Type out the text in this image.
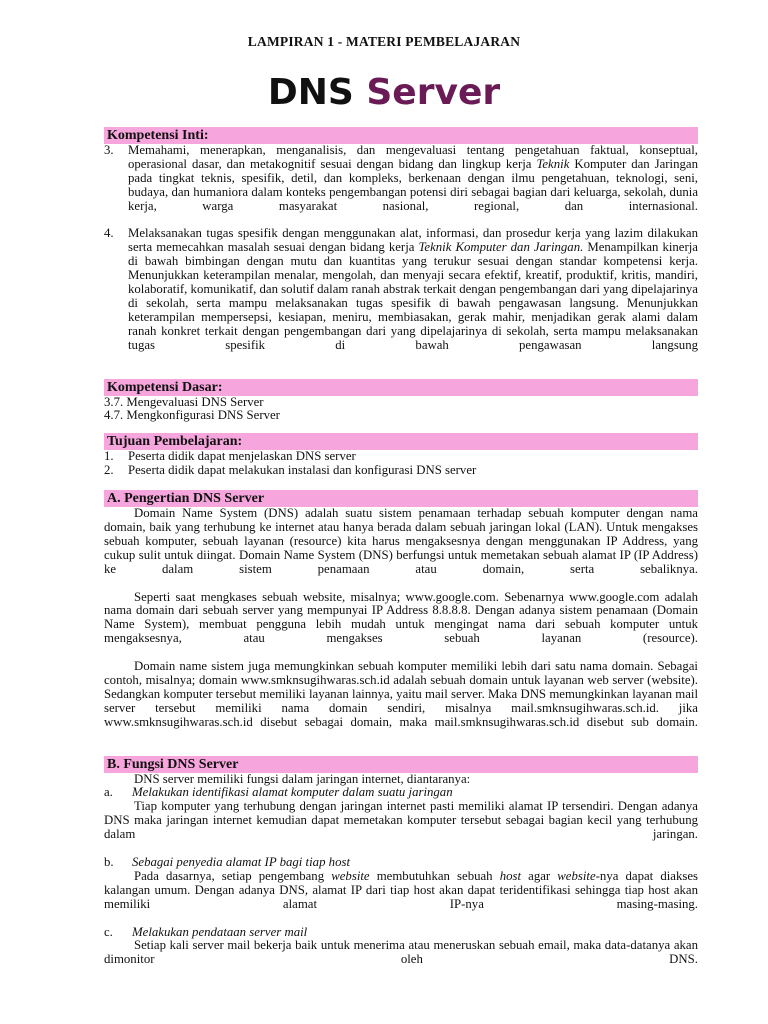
LAMPIRAN 1 - MATERI PEMBELAJARAN
DNS Server
Kompetensi Inti:
3.	Memahami, menerapkan, menganalisis, dan mengevaluasi tentang pengetahuan faktual, konseptual, operasional dasar, dan metakognitif sesuai dengan bidang dan lingkup kerja Teknik Komputer dan Jaringan pada tingkat teknis, spesifik, detil, dan kompleks, berkenaan dengan ilmu pengetahuan, teknologi, seni, budaya, dan humaniora dalam konteks pengembangan potensi diri sebagai bagian dari keluarga, sekolah, dunia kerja, warga masyarakat nasional, regional, dan internasional.

4.	Melaksanakan tugas spesifik dengan menggunakan alat, informasi, dan prosedur kerja yang lazim dilakukan serta memecahkan masalah sesuai dengan bidang kerja Teknik Komputer dan Jaringan. Menampilkan kinerja di bawah bimbingan dengan mutu dan kuantitas yang terukur sesuai dengan standar kompetensi kerja. Menunjukkan keterampilan menalar, mengolah, dan menyaji secara efektif, kreatif, produktif, kritis, mandiri, kolaboratif, komunikatif, dan solutif dalam ranah abstrak terkait dengan pengembangan dari yang dipelajarinya di sekolah, serta mampu melaksanakan tugas spesifik di bawah pengawasan langsung. Menunjukkan keterampilan mempersepsi, kesiapan, meniru, membiasakan, gerak mahir, menjadikan gerak alami dalam ranah konkret terkait dengan pengembangan dari yang dipelajarinya di sekolah, serta mampu melaksanakan tugas spesifik di bawah pengawasan langsung

Kompetensi Dasar:

3.7. Mengevaluasi DNS Server

4.7. Mengkonfigurasi DNS Server

Tujuan Pembelajaran:
1.	Peserta didik dapat menjelaskan DNS server

2.	Peserta didik dapat melakukan instalasi dan konfigurasi DNS server

A. Pengertian DNS Server

Domain Name System (DNS) adalah suatu sistem penamaan terhadap sebuah komputer dengan nama domain, baik yang terhubung ke internet atau hanya berada dalam sebuah jaringan lokal (LAN). Untuk mengakses sebuah komputer, sebuah layanan (resource) kita harus mengaksesnya dengan menggunakan IP Address, yang cukup sulit untuk diingat. Domain Name System (DNS) berfungsi untuk memetakan sebuah alamat IP (IP Address) ke dalam sistem penamaan atau domain, serta sebaliknya.

Seperti saat mengkases sebuah website, misalnya; www.google.com. Sebenarnya www.google.com adalah nama domain dari sebuah server yang mempunyai IP Address 8.8.8.8. Dengan adanya sistem penamaan (Domain Name System), membuat pengguna lebih mudah untuk mengingat nama dari sebuah komputer untuk mengaksesnya, atau mengakses sebuah layanan (resource).

Domain name sistem juga memungkinkan sebuah komputer memiliki lebih dari satu nama domain. Sebagai contoh, misalnya; domain www.smknsugihwaras.sch.id adalah sebuah domain untuk layanan web server (website). Sedangkan komputer tersebut memiliki layanan lainnya, yaitu mail server. Maka DNS memungkinkan layanan mail server tersebut memiliki nama domain sendiri, misalnya mail.smknsugihwaras.sch.id. jika www.smknsugihwaras.sch.id disebut sebagai domain, maka mail.smknsugihwaras.sch.id disebut sub domain.

B. Fungsi DNS Server

DNS server memiliki fungsi dalam jaringan internet, diantaranya:

a.	Melakukan identifikasi alamat komputer dalam suatu jaringan

Tiap komputer yang terhubung dengan jaringan internet pasti memiliki alamat IP tersendiri. Dengan adanya DNS maka jaringan internet kemudian dapat memetakan komputer tersebut sebagai bagian kecil yang terhubung dalam jaringan.

b.	Sebagai penyedia alamat IP bagi tiap host

Pada dasarnya, setiap pengembang website membutuhkan sebuah host agar website-nya dapat diakses kalangan umum. Dengan adanya DNS, alamat IP dari tiap host akan dapat teridentifikasi sehingga tiap host akan memiliki alamat IP-nya masing-masing.

c.	Melakukan pendataan server mail

Setiap kali server mail bekerja baik untuk menerima atau meneruskan sebuah email, maka data-datanya akan dimonitor oleh DNS.
